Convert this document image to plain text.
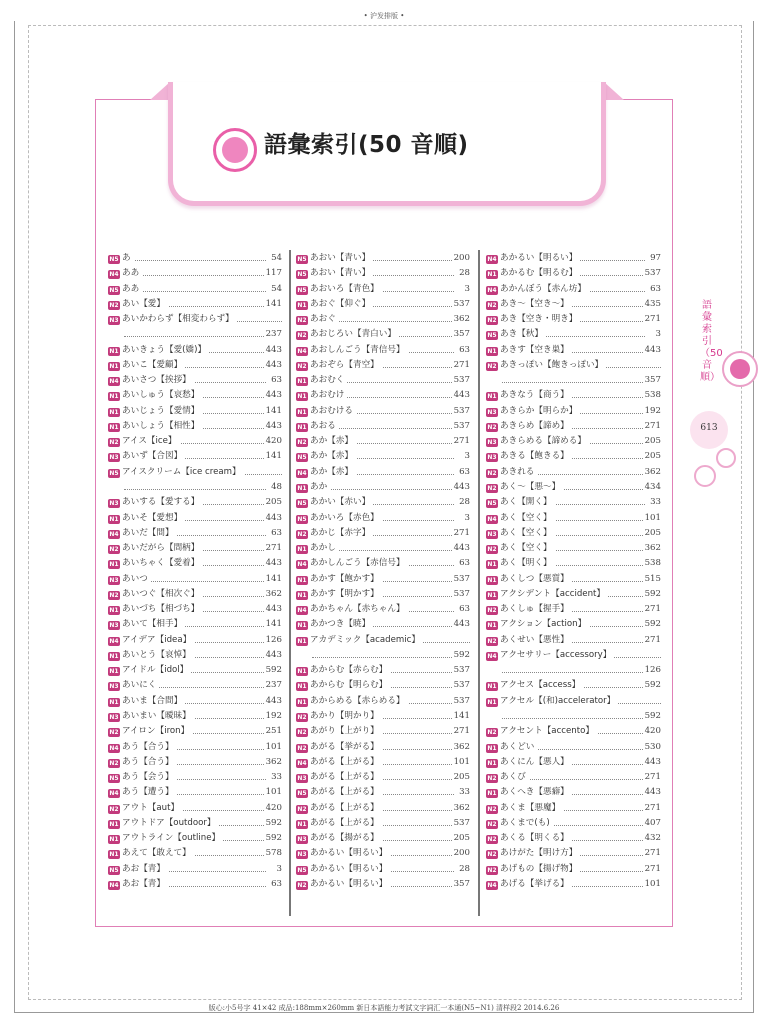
• 沪发排版 •
語彙索引(50 音順)
N5 あ	54
N4 ああ	117
N5 ああ	54
N2 あい【愛】	141
N3 あいかわらず【相変わらず】
237
N1 あいきょう【愛(嬌)】	443
N1 あいこ【愛顧】	443
N4 あいさつ【挨拶】	63
N1 あいしゅう【哀愁】	443
N1 あいじょう【愛情】	141
N1 あいしょう【相性】	443
N2 アイス【ice】	420
N3 あいず【合図】	141
N5 アイスクリーム【ice cream】
48
N3 あいする【愛する】	205
N1 あいそ【愛想】	443
N4 あいだ【間】	63
N2 あいだがら【間柄】	271
N1 あいちゃく【愛着】	443
N3 あいつ	141
N2 あいつぐ【相次ぐ】	362
N1 あいづち【相づち】	443
N3 あいて【相手】	141
N4 アイデア【idea】	126
N1 あいとう【哀悼】	443
N1 アイドル【idol】	592
N3 あいにく	237
N1 あいま【合間】	443
N3 あいまい【曖昧】	192
N2 アイロン【iron】	251
N4 あう【合う】	101
N2 あう【合う】	362
N5 あう【会う】	33
N4 あう【遭う】	101
N2 アウト【aut】	420
N1 アウトドア【outdoor】	592
N1 アウトライン【outline】	592
N1 あえて【敢えて】	578
N5 あお【青】	3
N4 あお【青】	63
N5 あおい【青い】	200
N5 あおい【青い】	28
N5 あおいろ【青色】	3
N1 あおぐ【仰ぐ】	537
N2 あおぐ	362
N2 あおじろい【青白い】	357
N4 あおしんごう【青信号】	63
N2 あおぞら【青空】	271
N1 あおむく	537
N1 あおむけ	443
N1 あおむける	537
N1 あおる	537
N2 あか【赤】	271
N5 あか【赤】	3
N4 あか【赤】	63
N1 あか	443
N5 あかい【赤い】	28
N5 あかいろ【赤色】	3
N2 あかじ【赤字】	271
N1 あかし	443
N4 あかしんごう【赤信号】	63
N1 あかす【飽かす】	537
N1 あかす【明かす】	537
N4 あかちゃん【赤ちゃん】	63
N1 あかつき【暁】	443
N1 アカデミック【academic】
592
N1 あからむ【赤らむ】	537
N1 あからむ【明らむ】	537
N1 あからめる【赤らめる】	537
N2 あかり【明かり】	141
N2 あがり【上がり】	271
N2 あがる【挙がる】	362
N4 あがる【上がる】	101
N3 あがる【上がる】	205
N5 あがる【上がる】	33
N2 あがる【上がる】	362
N1 あがる【上がる】	537
N3 あがる【揚がる】	205
N3 あかるい【明るい】	200
N5 あかるい【明るい】	28
N2 あかるい【明るい】	357
N4 あかるい【明るい】	97
N1 あかるむ【明るむ】	537
N4 あかんぼう【赤ん坊】	63
N2 あき～【空き～】	435
N2 あき【空き・明き】	271
N5 あき【秋】	3
N1 あきす【空き巣】	443
N2 あきっぽい【飽きっぽい】
357
N1 あきなう【商う】	538
N3 あきらか【明らか】	192
N2 あきらめ【諦め】	271
N3 あきらめる【諦める】	205
N3 あきる【飽きる】	205
N2 あきれる	362
N2 あく～【悪～】	434
N5 あく【開く】	33
N4 あく【空く】	101
N3 あく【空く】	205
N2 あく【空く】	362
N1 あく【明く】	538
N1 あくしつ【悪質】	515
N1 アクシデント【accident】	592
N2 あくしゅ【握手】	271
N1 アクション【action】	592
N2 あくせい【悪性】	271
N4 アクセサリー【accessory】
126
N1 アクセス【access】	592
N1 アクセル【(和)accelerator】
592
N2 アクセント【accento】	420
N1 あくどい	530
N1 あくにん【悪人】	443
N2 あくび	271
N1 あくへき【悪癖】	443
N2 あくま【悪魔】	271
N2 あくまで(も)	407
N2 あくる【明くる】	432
N2 あけがた【明け方】	271
N2 あげもの【揚げ物】	271
N4 あげる【挙げる】	101
語彙索引（50音順）
613
版心:小5号字 41×42 成品:188mm×260mm 新日本語能力考試文字詞汇一本通(N5~N1) 清样段2 2014.6.26
